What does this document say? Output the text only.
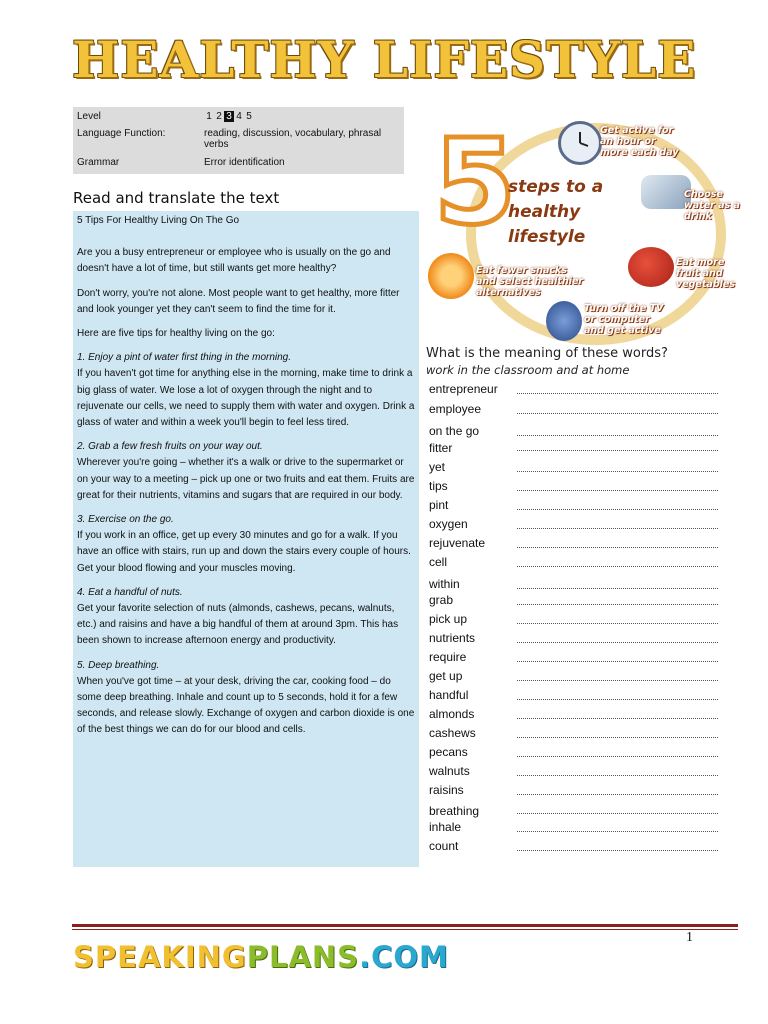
HEALTHY LIFESTYLE
Level	1 2 3 4 5
Language Function:	reading, discussion, vocabulary, phrasal verbs
Grammar	Error identification
Read and translate the text

5 Tips For Healthy Living On The Go

Are you a busy entrepreneur or employee who is usually on the go and doesn't have a lot of time, but still wants get more healthy?

Don't worry, you're not alone. Most people want to get healthy, more fitter and look younger yet they can't seem to find the time for it.

Here are five tips for healthy living on the go:

1. Enjoy a pint of water first thing in the morning.

If you haven't got time for anything else in the morning, make time to drink a big glass of water. We lose a lot of oxygen through the night and to rejuvenate our cells, we need to supply them with water and oxygen. Drink a glass of water and within a week you'll begin to feel less tired.

2. Grab a few fresh fruits on your way out.

Wherever you're going – whether it's a walk or drive to the supermarket or on your way to a meeting – pick up one or two fruits and eat them. Fruits are great for their nutrients, vitamins and sugars that are required in our body.

3. Exercise on the go.

If you work in an office, get up every 30 minutes and go for a walk. If you have an office with stairs, run up and down the stairs every couple of hours. Get your blood flowing and your muscles moving.

4. Eat a handful of nuts.

Get your favorite selection of nuts (almonds, cashews, pecans, walnuts, etc.) and raisins and have a big handful of them at around 3pm. This has been shown to increase afternoon energy and productivity.

5. Deep breathing.

When you've got time – at your desk, driving the car, cooking food – do some deep breathing. Inhale and count up to 5 seconds, hold it for a few seconds, and release slowly. Exchange of oxygen and carbon dioxide is one of the best things we can do for our blood and cells.

5
steps to a healthy lifestyle
Get active for an hour or more each day
Choose water as a drink
Eat more fruit and vegetables
Eat fewer snacks and select healthier alternatives
Turn off the TV or computer and get active
What is the meaning of these words?
work in the classroom and at home
entrepreneur
employee
on the go
fitter
yet
tips
pint
oxygen
rejuvenate
cell
within
grab
pick up
nutrients
require
get up
handful
almonds
cashews
pecans
walnuts
raisins
breathing
inhale
count
1
SPEAKINGPLANS.COM
